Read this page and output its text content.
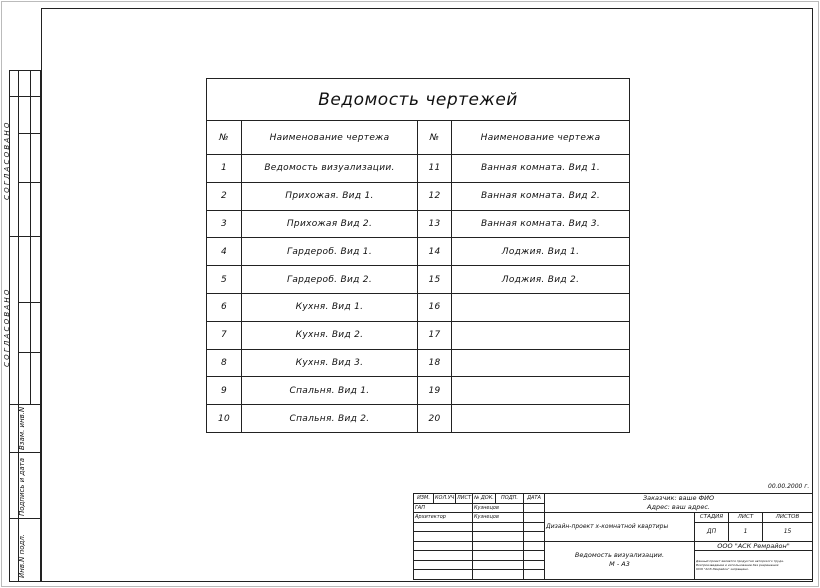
С О Г Л А С О В А Н О
С О Г Л А С О В А Н О
Взам. инв.N
Подпись и дата
Инв.N подл.
Ведомость чертежей			
№	Наименование чертежа	№	Наименование чертежа
1	Ведомость визуализации.	11	Ванная комната. Вид 1.
2	Прихожая. Вид 1.	12	Ванная комната. Вид 2.
3	Прихожая Вид 2.	13	Ванная комната. Вид 3.
4	Гардероб. Вид 1.	14	Лоджия. Вид 1.
5	Гардероб. Вид 2.	15	Лоджия. Вид 2.
6	Кухня. Вид 1.	16	
7	Кухня. Вид 2.	17	
8	Кухня. Вид 3.	18	
9	Спальня. Вид 1.	19	
10	Спальня. Вид 2.	20	
00.00.2000 г.
ИЗМ.	КОЛ.УЧ	ЛИСТ	№ ДОК.	ПОДП.	ДАТА	Заказчик: ваше ФИО
Адрес: ваш адрес.			

ГАП			Кузнецов						
Архитектор			Кузнецов			Дизайн-проект х-комнатной квартиры	СТАДИЯ	ЛИСТ	ЛИСТОВ
							ДП	1	15

						Ведомость визуализации.
М - А3	ООО "АСК Ремрайон"		

							Данный проект является продуктом авторского труда.
Воспроизведение и использование без разрешения
ООО "АСК Ремрайон" запрещено.		
